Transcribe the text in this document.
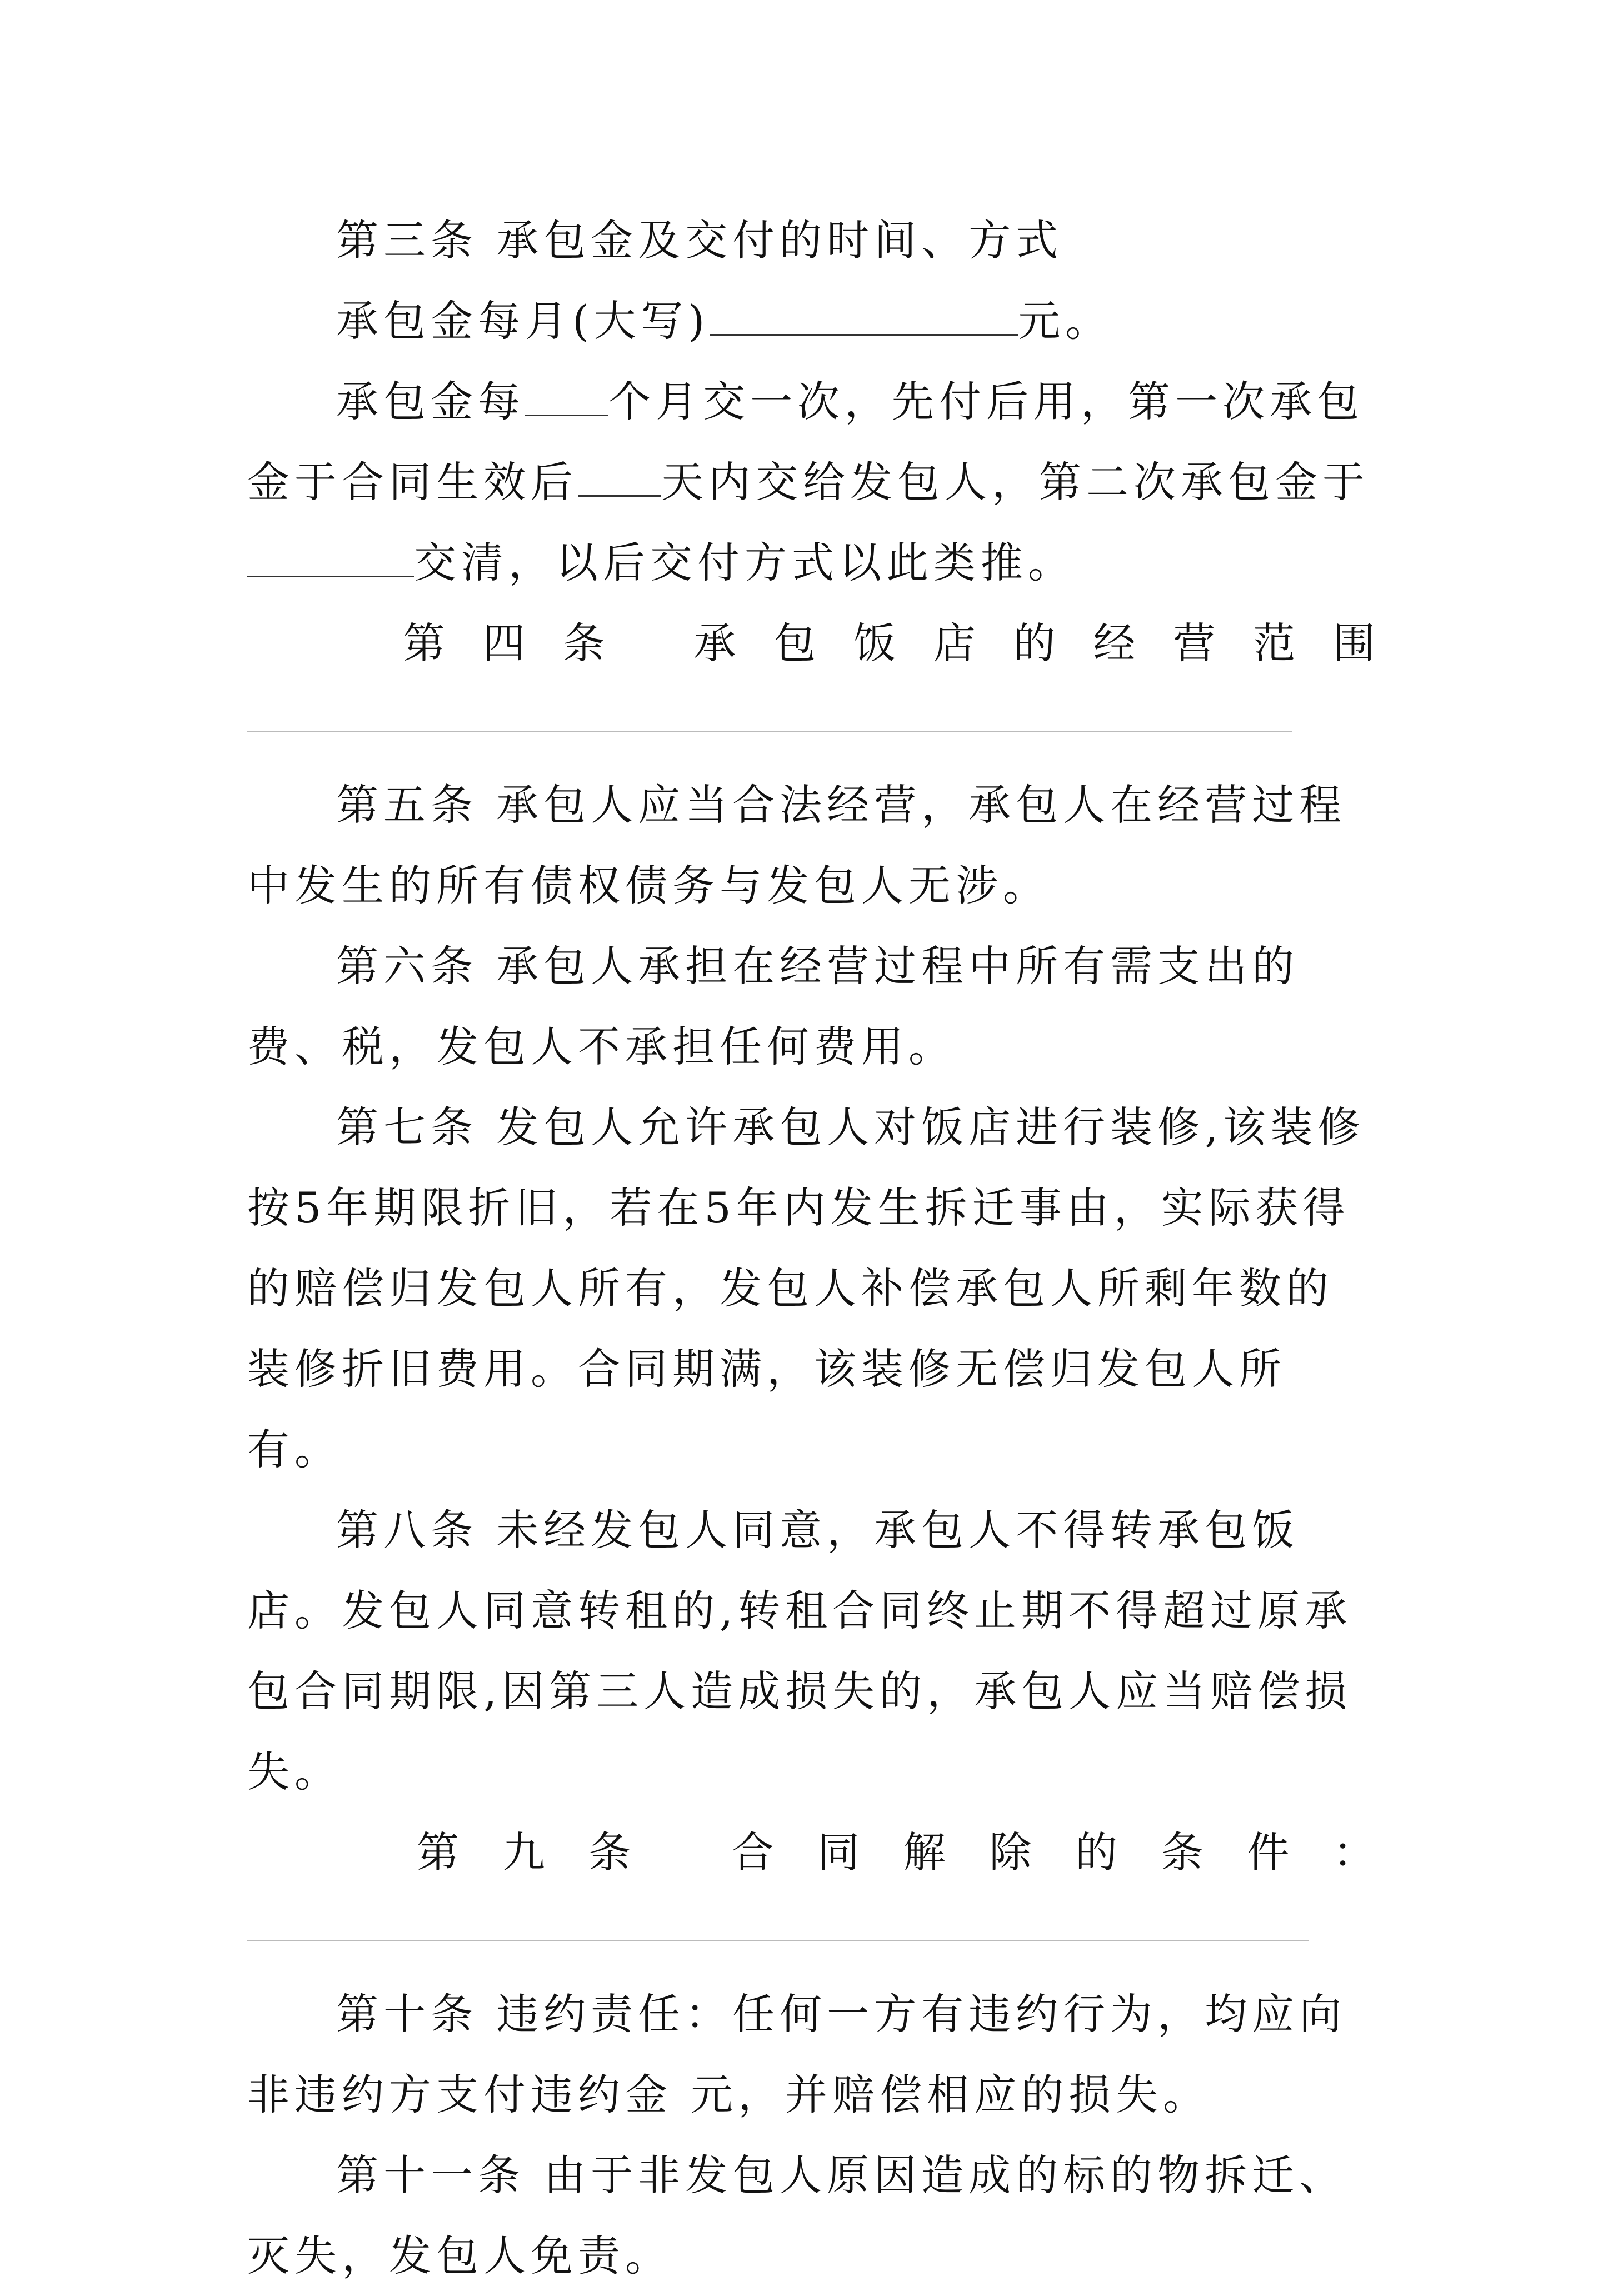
第三条 承包金及交付的时间、方式

承包金每月(大写)	元。

承包金每 个月交一次，先付后用，第一次承包金于合同生效后 天内交给发包人，第二次承包金于交清，以后交付方式以此类推。

第四条 承包饭店的经营范围

第五条 承包人应当合法经营，承包人在经营过程中发生的所有债权债务与发包人无涉。

第六条 承包人承担在经营过程中所有需支出的费、税，发包人不承担任何费用。

第七条 发包人允许承包人对饭店进行装修,该装修按5年期限折旧，若在5年内发生拆迁事由，实际获得的赔偿归发包人所有，发包人补偿承包人所剩年数的装修折旧费用。合同期满，该装修无偿归发包人所有。

第八条 未经发包人同意，承包人不得转承包饭店。发包人同意转租的,转租合同终止期不得超过原承包合同期限,因第三人造成损失的，承包人应当赔偿损失。

第九条 合同解除的条件：

第十条 违约责任：任何一方有违约行为，均应向非违约方支付违约金 元，并赔偿相应的损失。

第十一条 由于非发包人原因造成的标的物拆迁、灭失，发包人免责。
